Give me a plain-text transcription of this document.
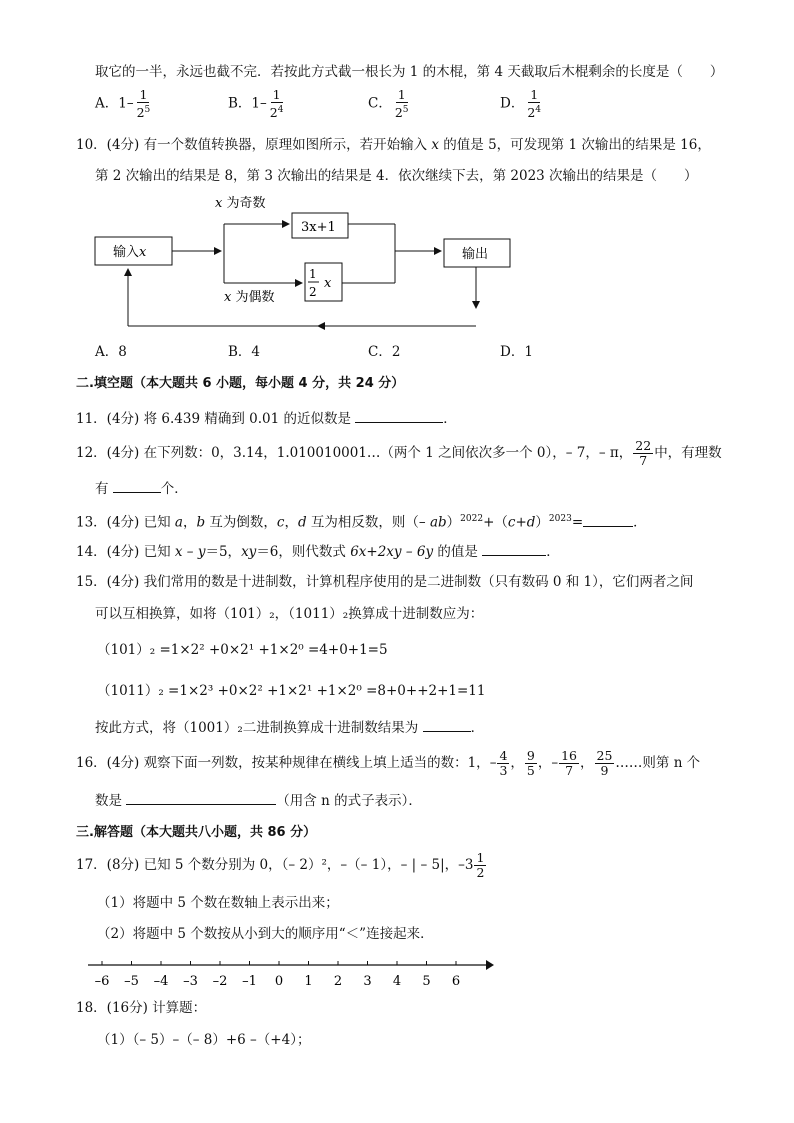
取它的一半，永远也截不完．若按此方式截一根长为 1 的木棍，第 4 天截取后木棍剩余的长度是（　　）
A．$1- \frac{1}{2^5}$	B．$1- \frac{1}{2^4}$	C． $\frac{1}{2^5}$	D． $\frac{1}{2^4}$
10．(4分) 有一个数值转换器，原理如图所示，若开始输入 x 的值是 5，可发现第 1 次输出的结果是 16，
第 2 次输出的结果是 8，第 3 次输出的结果是 4．依次继续下去，第 2023 次输出的结果是（　　）
输入x
x 为奇数
3x+1
x 为偶数
1
2
x
输出
A．8	B．4	C．2	D．1
二.填空题（本大题共 6 小题，每小题 4 分，共 24 分）
11．(4分) 将 6.439 精确到 0.01 的近似数是	．
12．(4分) 在下列数：0，3.14，1.010010001…（两个 1 之间依次多一个 0），– 7，– π， $\frac{22}{7}$ 中，有理数
有	个．
13．(4分) 已知 a，b 互为倒数，c，d 互为相反数，则（– $ab)^{2022}+(c+d)^{2023}=$	．
14．(4分) 已知 x – y＝5，xy＝6，则代数式 6x+2xy – 6y 的值是	．
15．(4分) 我们常用的数是十进制数，计算机程序使用的是二进制数（只有数码 0 和 1），它们两者之间
可以互相换算，如将（101）₂，（1011）₂换算成十进制数应为：
（101）₂ =1×2² +0×2¹ +1×2⁰ =4+0+1=5
（1011）₂ =1×2³ +0×2² +1×2¹ +1×2⁰ =8+0++2+1=11
按此方式，将（1001）₂二进制换算成十进制数结果为	．
16．(4分) 观察下面一列数，按某种规律在横线上填上适当的数：1，– $\frac{4}{3}$ ， $\frac{9}{5}$ ，– $\frac{16}{7}$ ， $\frac{25}{9}$ ……则第 n 个
数是	（用含 n 的式子表示）．
三.解答题（本大题共八小题，共 86 分）
17．(8分) 已知 5 个数分别为 0，（– 2）²，–（– 1），– | – 5|，$-3 \frac{1}{2}$
（1）将题中 5 个数在数轴上表示出来；
（2）将题中 5 个数按从小到大的顺序用“＜”连接起来．
–6 –5 –4 –3 –2 –1 0 1 2 3 4 5 6
18．(16分) 计算题：
（1）（– 5）–（– 8）+6 –（+4）；
